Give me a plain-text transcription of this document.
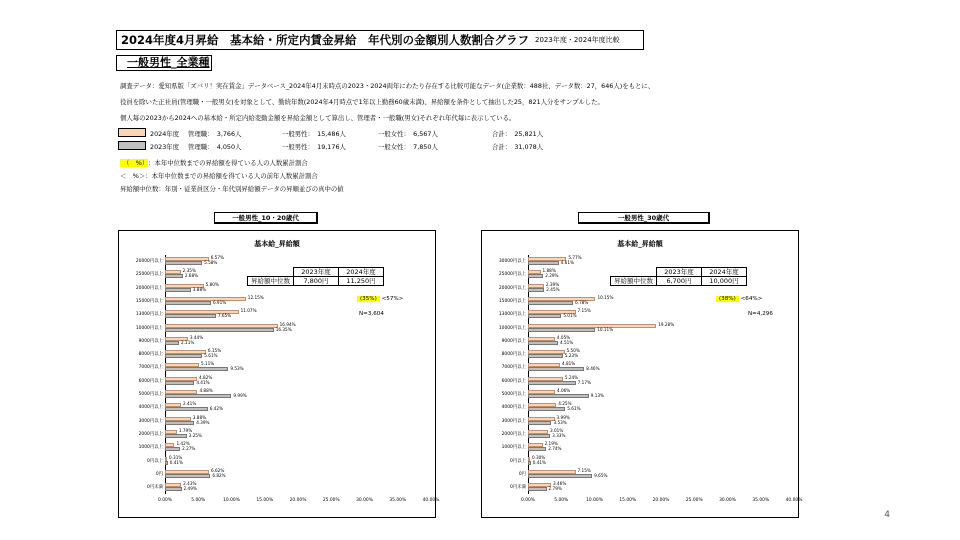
2024年度4月昇給　基本給・所定内賃金昇給　年代別の金額別人数割合グラフ 2023年度・2024年度比較
一般男性_全業種
調査データ：愛知県版「ズバリ！実在賃金」データベース_2024年4月末時点の2023・2024両年にわたり存在する比較可能なデータ(企業数：488社、データ数：27，646人)をもとに、
役員を除いた正社員(管理職・一般男女)を対象として、勤続年数(2024年4月時点で1年以上勤務60歳未満)、昇給額を条件として抽出した25，821人分をサンプルした。
個人毎の2023から2024への基本給・所定内給変動金額を昇給金額として算出し、管理者・一般職(男女)それぞれ年代毎に表示している。
2024年度 管理職：　3,766人	一般男性：　15,486人	一般女性：　6,567人	合計：　25,821人
2023年度 管理職：　4,050人	一般男性：　19,176人	一般女性：　7,850人	合計：　31,078人
（　%） ：本年中位数までの昇給額を得ている人の人数累計割合
＜　%＞：本年中位数までの昇給額を得ている人の前年人数累計割合
昇給額中位数：年別・従業員区分・年代別昇給額データの昇順並びの真中の値
一般男性_10・20歳代
基本給_昇給額
	2023年度	2024年度
昇給額中位数	7,800円	11,250円
(35%) <57%>
N=3,604
20000円以上
6.57%
5.58%
25000円以上
2.35%
2.68%
20000円以上
5.80%
3.88%
15000円以上
12.15%
6.91%
13000円以上
11.07%
7.65%
10000円以上
16.94%
16.35%
9000円以上
3.44%
2.11%
8000円以上
6.15%
5.61%
7000円以上
5.11%
9.53%
6000円以上
4.82%
4.41%
5000円以上
4.88%
9.99%
4000円以上
2.41%
6.42%
3000円以上
3.88%
4.39%
2000円以上
1.79%
3.25%
1000円以上
1.42%
2.27%
0円以上
0.31%
0.41%
0円
6.62%
6.82%
0円未満
2.43%
2.49%
0.00%	5.00%	10.00%	15.00%	20.00%	25.00%	30.00%	35.00%	40.00%
一般男性_30歳代
基本給_昇給額
	2023年度	2024年度
昇給額中位数	6,700円	10,000円
(38%) <64%>
N=4,296
30000円以上
5.77%
4.61%
25000円以上
1.88%
2.29%
20000円以上
2.39%
2.45%
15000円以上
10.15%
6.78%
13000円以上
7.15%
5.01%
10000円以上
19.28%
10.11%
9000円以上
4.05%
4.51%
8000円以上
5.50%
5.23%
7000円以上
4.81%
8.46%
6000円以上
5.24%
7.17%
5000円以上
4.06%
9.13%
4000円以上
4.25%
5.61%
3000円以上
3.99%
3.53%
2000円以上
3.01%
3.33%
1000円以上
2.19%
2.74%
0円以上
0.30%
0.41%
0円
7.15%
9.65%
0円未満
3.46%
2.79%
0.00%	5.00%	10.00%	15.00%	20.00%	25.00%	30.00%	35.00%	40.00%
4
